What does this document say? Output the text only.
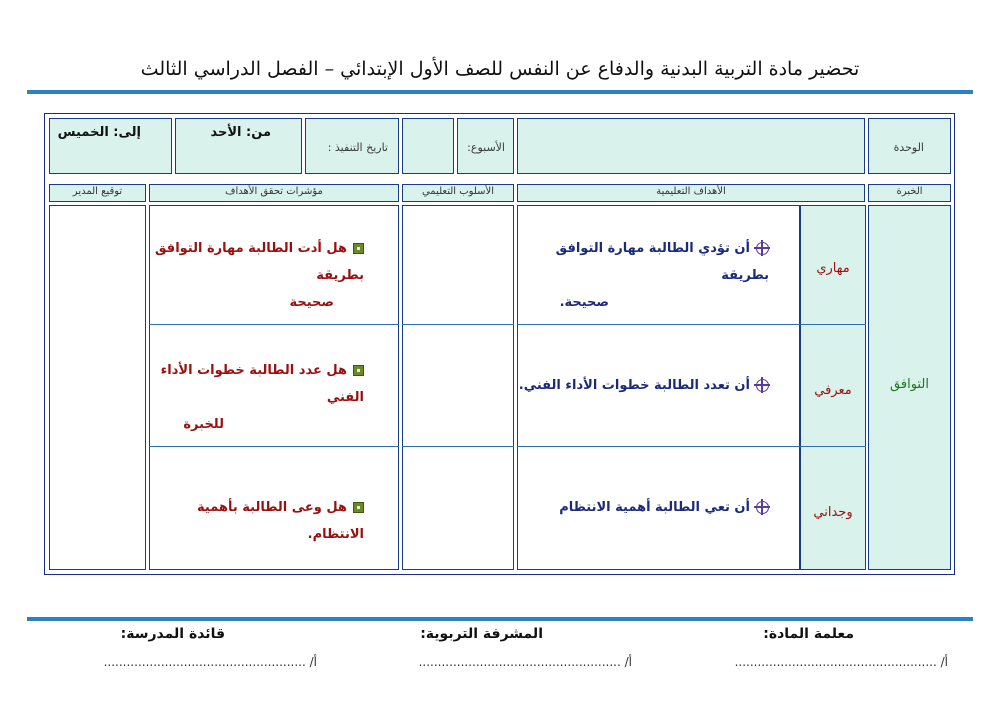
تحضير مادة التربية البدنية والدفاع عن النفس للصف الأول الإبتدائي – الفصل الدراسي الثالث
الوحدة
الأسبوع:
تاريخ التنفيذ :
من: الأحد
إلى: الخميس
الخبرة
الأهداف التعليمية
الأسلوب التعليمي
مؤشرات تحقق الأهداف
توقيع المدير
التوافق
مهاري
أن تؤدي الطالبة مهارة التوافق بطريقة
صحيحة.
هل أدت الطالبة مهارة التوافق بطريقة
صحيحة
معرفي
أن تعدد الطالبة خطوات الأداء الفني.
هل عدد الطالبة خطوات الأداء الفني
للخبرة
وجداني
أن تعي الطالبة أهمية الانتظام
هل وعى الطالبة بأهمية الانتظام.
معلمة المادة:
المشرفة التربوية:
قائدة المدرسة:
أ/ .....................................................
أ/ .....................................................
أ/ .....................................................
